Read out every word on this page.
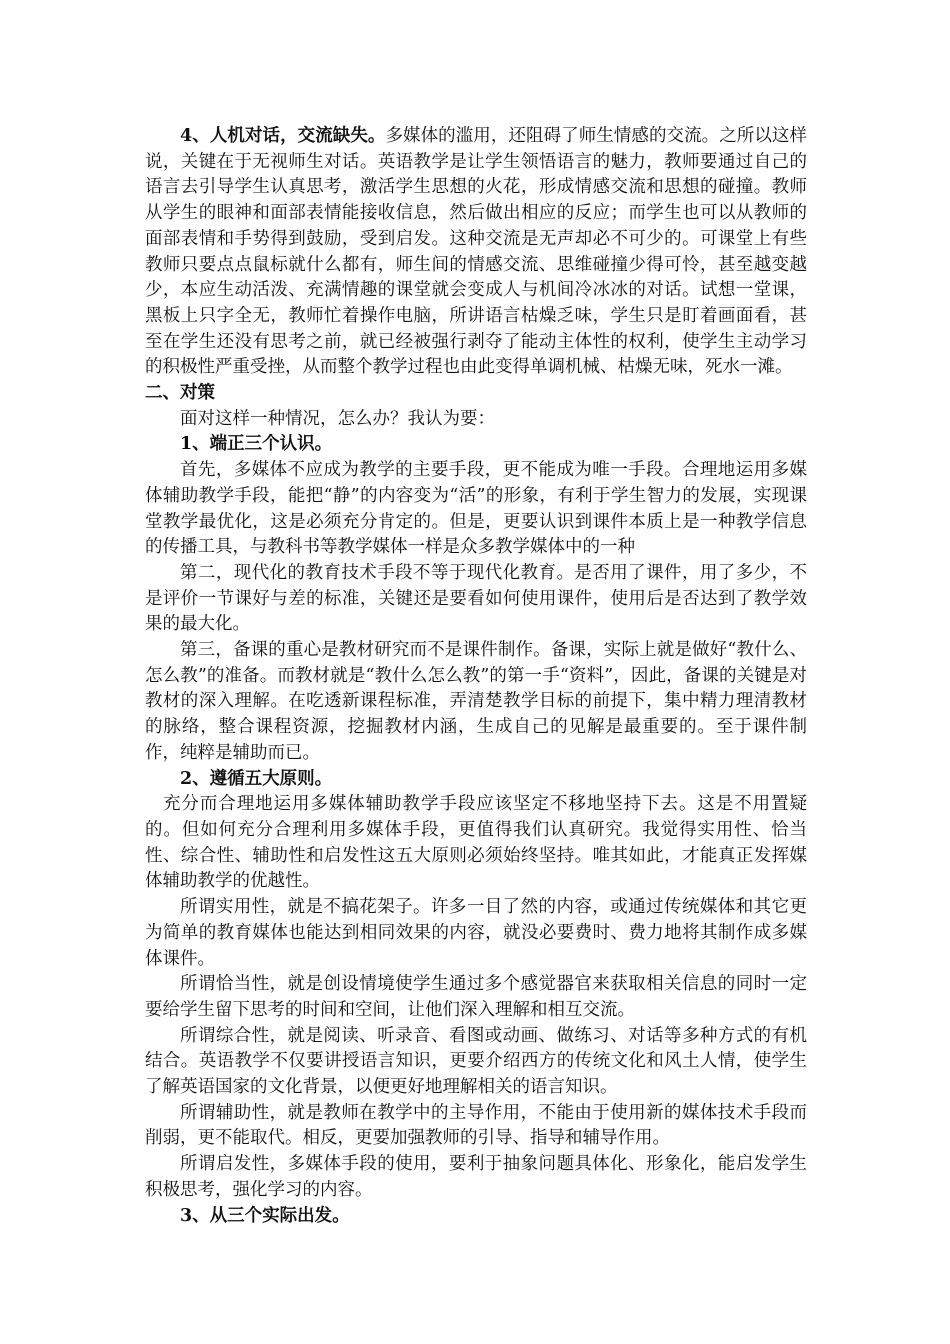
4、人机对话，交流缺失。多媒体的滥用，还阻碍了师生情感的交流。之所以这样说，关键在于无视师生对话。英语教学是让学生领悟语言的魅力，教师要通过自己的语言去引导学生认真思考，激活学生思想的火花，形成情感交流和思想的碰撞。教师从学生的眼神和面部表情能接收信息，然后做出相应的反应；而学生也可以从教师的面部表情和手势得到鼓励，受到启发。这种交流是无声却必不可少的。可课堂上有些教师只要点点鼠标就什么都有，师生间的情感交流、思维碰撞少得可怜，甚至越变越少，本应生动活泼、充满情趣的课堂就会变成人与机间冷冰冰的对话。试想一堂课，黑板上只字全无，教师忙着操作电脑，所讲语言枯燥乏味，学生只是盯着画面看，甚至在学生还没有思考之前，就已经被强行剥夺了能动主体性的权利，使学生主动学习的积极性严重受挫，从而整个教学过程也由此变得单调机械、枯燥无味，死水一滩。

二、对策

面对这样一种情况，怎么办？我认为要：

1、端正三个认识。

首先，多媒体不应成为教学的主要手段，更不能成为唯一手段。合理地运用多媒体辅助教学手段，能把“静”的内容变为“活”的形象，有利于学生智力的发展，实现课堂教学最优化，这是必须充分肯定的。但是，更要认识到课件本质上是一种教学信息的传播工具，与教科书等教学媒体一样是众多教学媒体中的一种

第二，现代化的教育技术手段不等于现代化教育。是否用了课件，用了多少，不是评价一节课好与差的标准，关键还是要看如何使用课件，使用后是否达到了教学效果的最大化。

第三，备课的重心是教材研究而不是课件制作。备课，实际上就是做好“教什么、怎么教”的准备。而教材就是“教什么怎么教”的第一手“资料”，因此，备课的关键是对教材的深入理解。在吃透新课程标准，弄清楚教学目标的前提下，集中精力理清教材的脉络，整合课程资源，挖掘教材内涵，生成自己的见解是最重要的。至于课件制作，纯粹是辅助而已。

2、遵循五大原则。

充分而合理地运用多媒体辅助教学手段应该坚定不移地坚持下去。这是不用置疑的。但如何充分合理利用多媒体手段，更值得我们认真研究。我觉得实用性、恰当性、综合性、辅助性和启发性这五大原则必须始终坚持。唯其如此，才能真正发挥媒体辅助教学的优越性。

所谓实用性，就是不搞花架子。许多一目了然的内容，或通过传统媒体和其它更为简单的教育媒体也能达到相同效果的内容，就没必要费时、费力地将其制作成多媒体课件。

所谓恰当性，就是创设情境使学生通过多个感觉器官来获取相关信息的同时一定要给学生留下思考的时间和空间，让他们深入理解和相互交流。

所谓综合性，就是阅读、听录音、看图或动画、做练习、对话等多种方式的有机结合。英语教学不仅要讲授语言知识，更要介绍西方的传统文化和风土人情，使学生了解英语国家的文化背景，以便更好地理解相关的语言知识。

所谓辅助性，就是教师在教学中的主导作用，不能由于使用新的媒体技术手段而削弱，更不能取代。相反，更要加强教师的引导、指导和辅导作用。

所谓启发性，多媒体手段的使用，要利于抽象问题具体化、形象化，能启发学生积极思考，强化学习的内容。

3、从三个实际出发。
